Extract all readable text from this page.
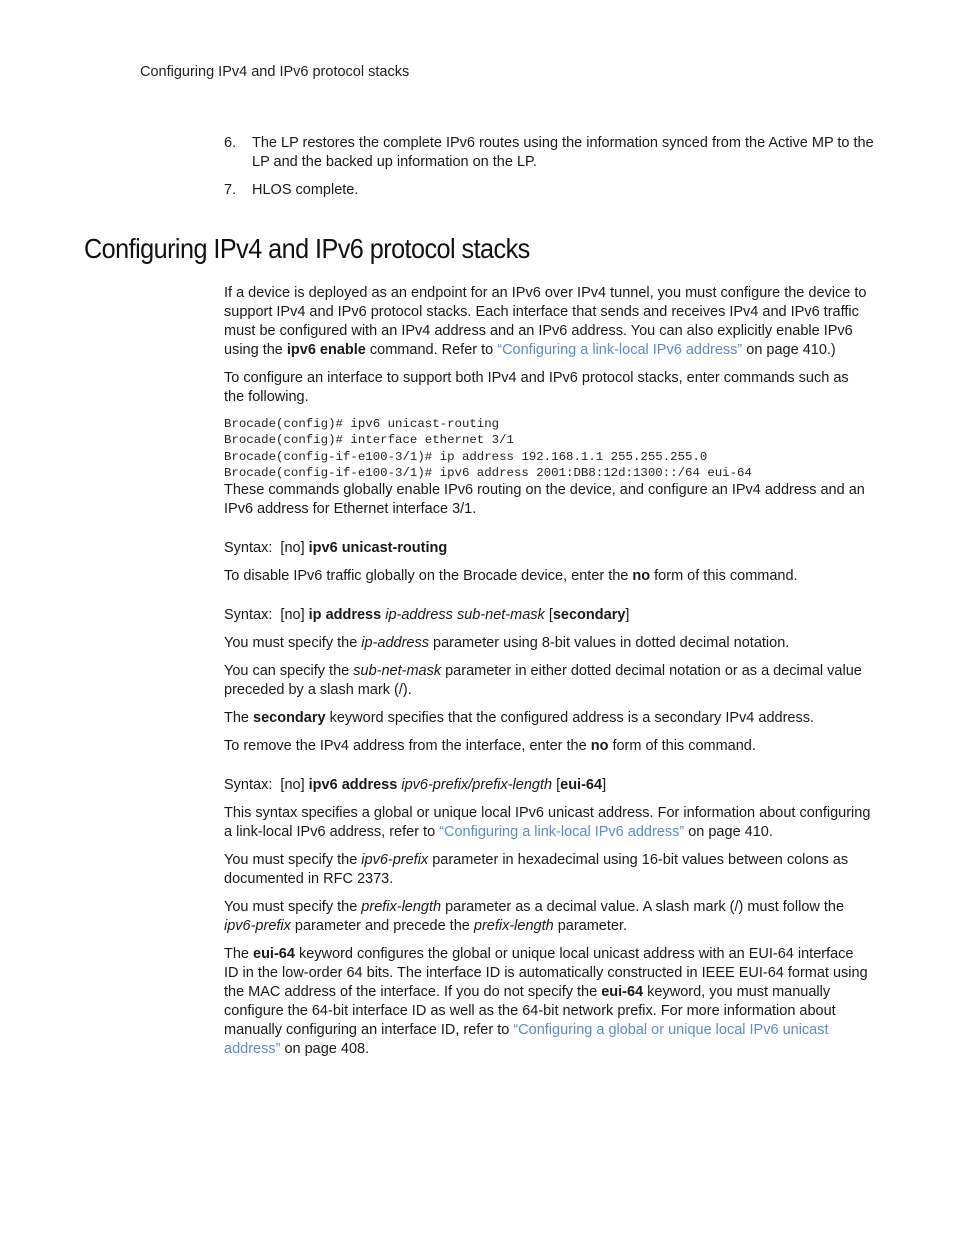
Configuring IPv4 and IPv6 protocol stacks
6. The LP restores the complete IPv6 routes using the information synced from the Active MP to the LP and the backed up information on the LP.
7. HLOS complete.
Configuring IPv4 and IPv6 protocol stacks

If a device is deployed as an endpoint for an IPv6 over IPv4 tunnel, you must configure the device to support IPv4 and IPv6 protocol stacks. Each interface that sends and receives IPv4 and IPv6 traffic must be configured with an IPv4 address and an IPv6 address. You can also explicitly enable IPv6 using the ipv6 enable command. Refer to “Configuring a link-local IPv6 address” on page 410.)

To configure an interface to support both IPv4 and IPv6 protocol stacks, enter commands such as the following.

Brocade(config)# ipv6 unicast-routing
Brocade(config)# interface ethernet 3/1
Brocade(config-if-e100-3/1)# ip address 192.168.1.1 255.255.255.0
Brocade(config-if-e100-3/1)# ipv6 address 2001:DB8:12d:1300::/64 eui-64

These commands globally enable IPv6 routing on the device, and configure an IPv4 address and an IPv6 address for Ethernet interface 3/1.

Syntax:  [no] ipv6 unicast-routing

To disable IPv6 traffic globally on the Brocade device, enter the no form of this command.

Syntax:  [no] ip address ip-address sub-net-mask [secondary]

You must specify the ip-address parameter using 8-bit values in dotted decimal notation.

You can specify the sub-net-mask parameter in either dotted decimal notation or as a decimal value preceded by a slash mark (/).

The secondary keyword specifies that the configured address is a secondary IPv4 address.

To remove the IPv4 address from the interface, enter the no form of this command.

Syntax:  [no] ipv6 address ipv6-prefix/prefix-length [eui-64]

This syntax specifies a global or unique local IPv6 unicast address. For information about configuring a link-local IPv6 address, refer to “Configuring a link-local IPv6 address” on page 410.

You must specify the ipv6-prefix parameter in hexadecimal using 16-bit values between colons as documented in RFC 2373.

You must specify the prefix-length parameter as a decimal value. A slash mark (/) must follow the ipv6-prefix parameter and precede the prefix-length parameter.

The eui-64 keyword configures the global or unique local unicast address with an EUI-64 interface ID in the low-order 64 bits. The interface ID is automatically constructed in IEEE EUI-64 format using the MAC address of the interface. If you do not specify the eui-64 keyword, you must manually configure the 64-bit interface ID as well as the 64-bit network prefix. For more information about manually configuring an interface ID, refer to “Configuring a global or unique local IPv6 unicast address” on page 408.
